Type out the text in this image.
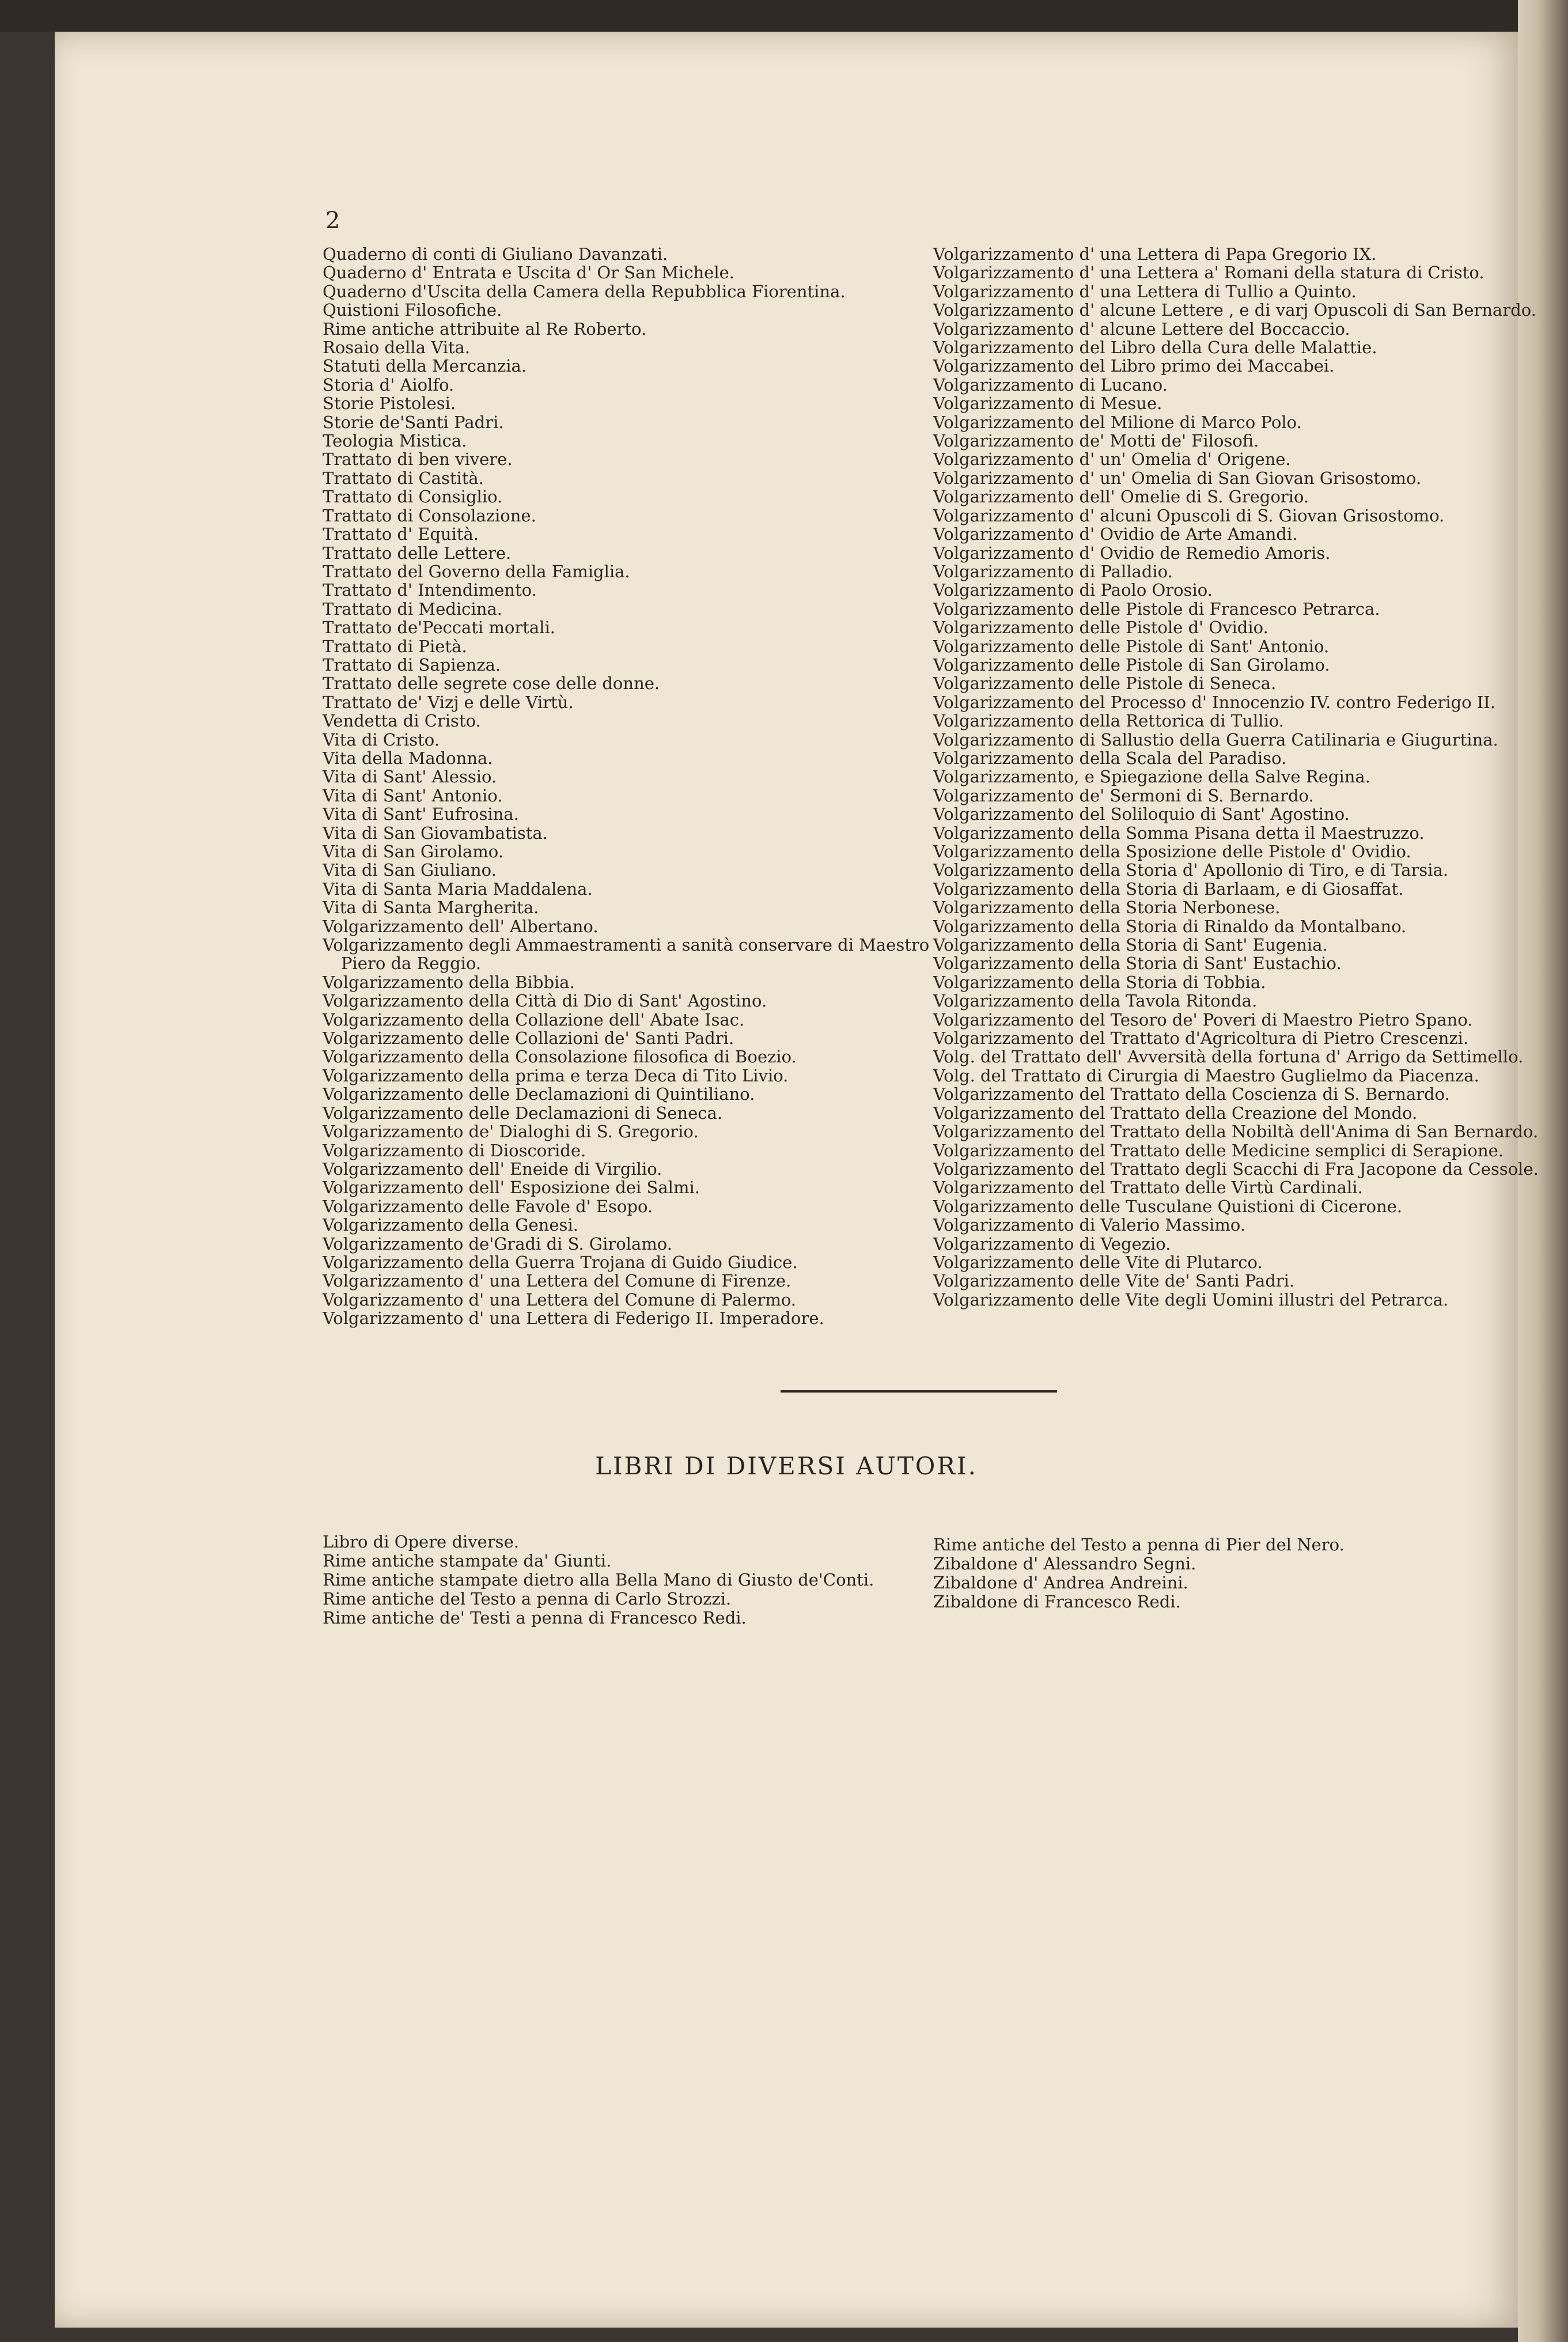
2
Quaderno di conti di Giuliano Davanzati.
Quaderno d' Entrata e Uscita d' Or San Michele.
Quaderno d'Uscita della Camera della Repubblica Fiorentina.
Quistioni Filosofiche.
Rime antiche attribuite al Re Roberto.
Rosaio della Vita.
Statuti della Mercanzia.
Storia d' Aiolfo.
Storie Pistolesi.
Storie de'Santi Padri.
Teologia Mistica.
Trattato di ben vivere.
Trattato di Castità.
Trattato di Consiglio.
Trattato di Consolazione.
Trattato d' Equità.
Trattato delle Lettere.
Trattato del Governo della Famiglia.
Trattato d' Intendimento.
Trattato di Medicina.
Trattato de'Peccati mortali.
Trattato di Pietà.
Trattato di Sapienza.
Trattato delle segrete cose delle donne.
Trattato de' Vizj e delle Virtù.
Vendetta di Cristo.
Vita di Cristo.
Vita della Madonna.
Vita di Sant' Alessio.
Vita di Sant' Antonio.
Vita di Sant' Eufrosina.
Vita di San Giovambatista.
Vita di San Girolamo.
Vita di San Giuliano.
Vita di Santa Maria Maddalena.
Vita di Santa Margherita.
Volgarizzamento dell' Albertano.
Volgarizzamento degli Ammaestramenti a sanità conservare di Maestro
Piero da Reggio.
Volgarizzamento della Bibbia.
Volgarizzamento della Città di Dio di Sant' Agostino.
Volgarizzamento della Collazione dell' Abate Isac.
Volgarizzamento delle Collazioni de' Santi Padri.
Volgarizzamento della Consolazione filosofica di Boezio.
Volgarizzamento della prima e terza Deca di Tito Livio.
Volgarizzamento delle Declamazioni di Quintiliano.
Volgarizzamento delle Declamazioni di Seneca.
Volgarizzamento de' Dialoghi di S. Gregorio.
Volgarizzamento di Dioscoride.
Volgarizzamento dell' Eneide di Virgilio.
Volgarizzamento dell' Esposizione dei Salmi.
Volgarizzamento delle Favole d' Esopo.
Volgarizzamento della Genesi.
Volgarizzamento de'Gradi di S. Girolamo.
Volgarizzamento della Guerra Trojana di Guido Giudice.
Volgarizzamento d' una Lettera del Comune di Firenze.
Volgarizzamento d' una Lettera del Comune di Palermo.
Volgarizzamento d' una Lettera di Federigo II. Imperadore.
Volgarizzamento d' una Lettera di Papa Gregorio IX.
Volgarizzamento d' una Lettera a' Romani della statura di Cristo.
Volgarizzamento d' una Lettera di Tullio a Quinto.
Volgarizzamento d' alcune Lettere , e di varj Opuscoli di San Bernardo.
Volgarizzamento d' alcune Lettere del Boccaccio.
Volgarizzamento del Libro della Cura delle Malattie.
Volgarizzamento del Libro primo dei Maccabei.
Volgarizzamento di Lucano.
Volgarizzamento di Mesue.
Volgarizzamento del Milione di Marco Polo.
Volgarizzamento de' Motti de' Filosofi.
Volgarizzamento d' un' Omelia d' Origene.
Volgarizzamento d' un' Omelia di San Giovan Grisostomo.
Volgarizzamento dell' Omelie di S. Gregorio.
Volgarizzamento d' alcuni Opuscoli di S. Giovan Grisostomo.
Volgarizzamento d' Ovidio de Arte Amandi.
Volgarizzamento d' Ovidio de Remedio Amoris.
Volgarizzamento di Palladio.
Volgarizzamento di Paolo Orosio.
Volgarizzamento delle Pistole di Francesco Petrarca.
Volgarizzamento delle Pistole d' Ovidio.
Volgarizzamento delle Pistole di Sant' Antonio.
Volgarizzamento delle Pistole di San Girolamo.
Volgarizzamento delle Pistole di Seneca.
Volgarizzamento del Processo d' Innocenzio IV. contro Federigo II.
Volgarizzamento della Rettorica di Tullio.
Volgarizzamento di Sallustio della Guerra Catilinaria e Giugurtina.
Volgarizzamento della Scala del Paradiso.
Volgarizzamento, e Spiegazione della Salve Regina.
Volgarizzamento de' Sermoni di S. Bernardo.
Volgarizzamento del Soliloquio di Sant' Agostino.
Volgarizzamento della Somma Pisana detta il Maestruzzo.
Volgarizzamento della Sposizione delle Pistole d' Ovidio.
Volgarizzamento della Storia d' Apollonio di Tiro, e di Tarsia.
Volgarizzamento della Storia di Barlaam, e di Giosaffat.
Volgarizzamento della Storia Nerbonese.
Volgarizzamento della Storia di Rinaldo da Montalbano.
Volgarizzamento della Storia di Sant' Eugenia.
Volgarizzamento della Storia di Sant' Eustachio.
Volgarizzamento della Storia di Tobbia.
Volgarizzamento della Tavola Ritonda.
Volgarizzamento del Tesoro de' Poveri di Maestro Pietro Spano.
Volgarizzamento del Trattato d'Agricoltura di Pietro Crescenzi.
Volg. del Trattato dell' Avversità della fortuna d' Arrigo da Settimello.
Volg. del Trattato di Cirurgia di Maestro Guglielmo da Piacenza.
Volgarizzamento del Trattato della Coscienza di S. Bernardo.
Volgarizzamento del Trattato della Creazione del Mondo.
Volgarizzamento del Trattato della Nobiltà dell'Anima di San Bernardo.
Volgarizzamento del Trattato delle Medicine semplici di Serapione.
Volgarizzamento del Trattato degli Scacchi di Fra Jacopone da Cessole.
Volgarizzamento del Trattato delle Virtù Cardinali.
Volgarizzamento delle Tusculane Quistioni di Cicerone.
Volgarizzamento di Valerio Massimo.
Volgarizzamento di Vegezio.
Volgarizzamento delle Vite di Plutarco.
Volgarizzamento delle Vite de' Santi Padri.
Volgarizzamento delle Vite degli Uomini illustri del Petrarca.
LIBRI DI DIVERSI AUTORI.
Libro di Opere diverse.
Rime antiche stampate da' Giunti.
Rime antiche stampate dietro alla Bella Mano di Giusto de'Conti.
Rime antiche del Testo a penna di Carlo Strozzi.
Rime antiche de' Testi a penna di Francesco Redi.
Rime antiche del Testo a penna di Pier del Nero.
Zibaldone d' Alessandro Segni.
Zibaldone d' Andrea Andreini.
Zibaldone di Francesco Redi.
